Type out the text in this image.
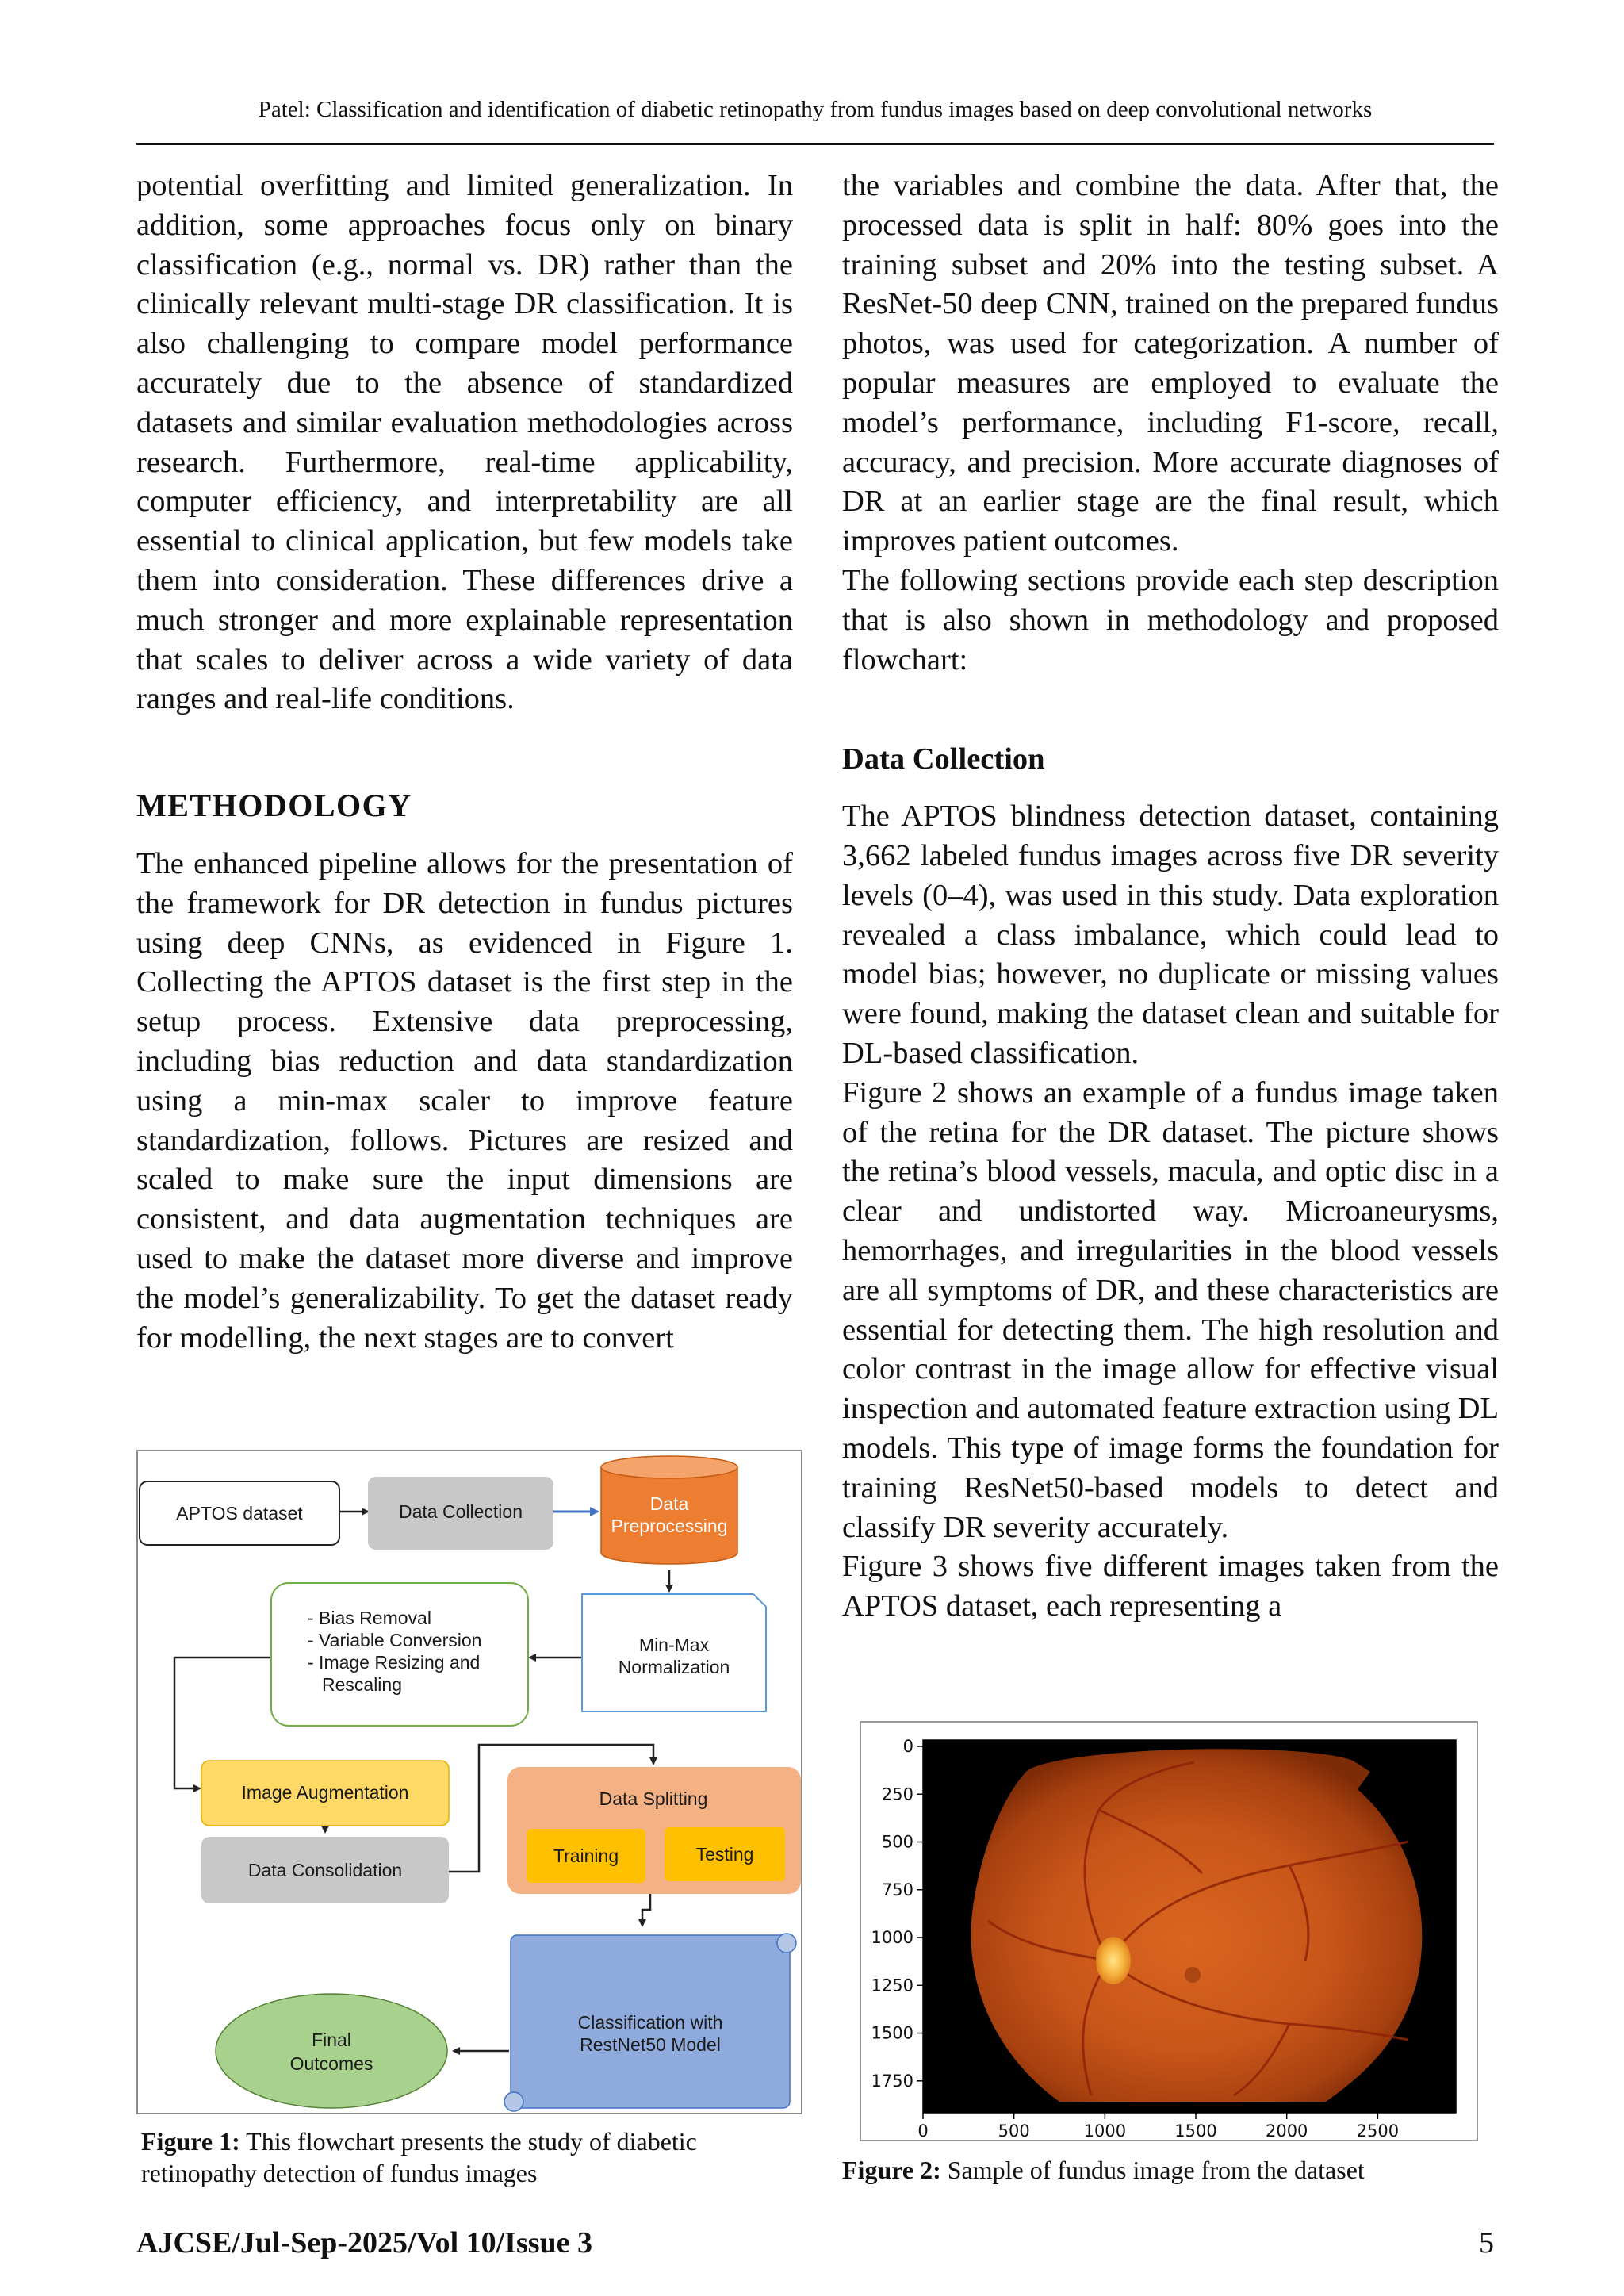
Patel: Classification and identification of diabetic retinopathy from fundus images based on deep convolutional networks

potential overfitting and limited generalization. In addition, some approaches focus only on binary classification (e.g., normal vs. DR) rather than the clinically relevant multi-stage DR classification. It is also challenging to compare model performance accurately due to the absence of standardized datasets and similar evaluation methodologies across research. Furthermore, real-time applicability, computer efficiency, and interpretability are all essential to clinical application, but few models take them into consideration. These differences drive a much stronger and more explainable representation that scales to deliver across a wide variety of data ranges and real-life conditions.

METHODOLOGY

The enhanced pipeline allows for the presentation of the framework for DR detection in fundus pictures using deep CNNs, as evidenced in Figure 1. Collecting the APTOS dataset is the first step in the setup process. Extensive data preprocessing, including bias reduction and data standardization using a min-max scaler to improve feature standardization, follows. Pictures are resized and scaled to make sure the input dimensions are consistent, and data augmentation techniques are used to make the dataset more diverse and improve the model’s generalizability. To get the dataset ready for modelling, the next stages are to convert

the variables and combine the data. After that, the processed data is split in half: 80% goes into the training subset and 20% into the testing subset. A ResNet-50 deep CNN, trained on the prepared fundus photos, was used for categorization. A number of popular measures are employed to evaluate the model’s performance, including F1-score, recall, accuracy, and precision. More accurate diagnoses of DR at an earlier stage are the final result, which improves patient outcomes.

The following sections provide each step description that is also shown in methodology and proposed flowchart:

Data Collection

The APTOS blindness detection dataset, containing 3,662 labeled fundus images across five DR severity levels (0–4), was used in this study. Data exploration revealed a class imbalance, which could lead to model bias; however, no duplicate or missing values were found, making the dataset clean and suitable for DL-based classification.

Figure 2 shows an example of a fundus image taken of the retina for the DR dataset. The picture shows the retina’s blood vessels, macula, and optic disc in a clear and undistorted way. Microaneurysms, hemorrhages, and irregularities in the blood vessels are all symptoms of DR, and these characteristics are essential for detecting them. The high resolution and color contrast in the image allow for effective visual inspection and automated feature extraction using DL models. This type of image forms the foundation for training ResNet50-based models to detect and classify DR severity accurately.

Figure 3 shows five different images taken from the APTOS dataset, each representing a

APTOS dataset	Data Collection	Data
Preprocessing
- Bias Removal
- Variable Conversion
- Image Resizing and
Rescaling
Min-Max
Normalization
Image Augmentation
Data Consolidation
Data Splitting
Training	Testing
Final
Outcomes
Classification with
RestNet50 Model
Figure 1: This flowchart presents the study of diabetic retinopathy detection of fundus images
0
250
500
750
1000
1250
1500
1750
0	500	1000	1500	2000	2500
Figure 2: Sample of fundus image from the dataset
AJCSE/Jul-Sep-2025/Vol 10/Issue 3	5
